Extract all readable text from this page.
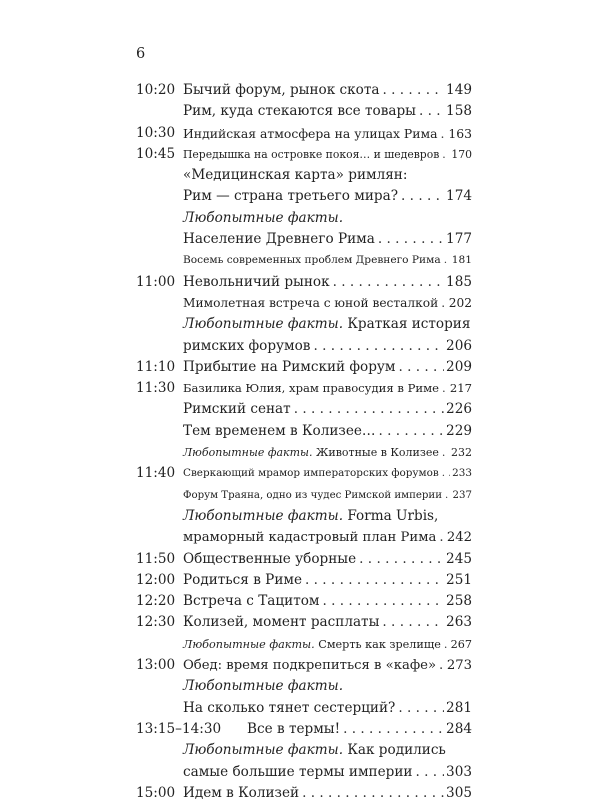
6
10:20 Бычий форум, рынок скота . . .	149
Рим, куда стекаются все товары . . . 158
10:30 Индийская атмосфера на улицах Рима . . . 163
10:45 Передышка на островке покоя… и шедевров . . . 170
«Медицинская карта» римлян:
Рим — страна третьего мира? . . .	174
Любопытные факты.
Население Древнего Рима . . .	177
Восемь современных проблем Древнего Рима . . . 181
11:00 Невольничий рынок . . .	185
Мимолетная встреча с юной весталкой . . . 202
Любопытные факты. Краткая история
римских форумов . . .	206
11:10 Прибытие на Римский форум . . .	209
11:30 Базилика Юлия, храм правосудия в Риме . . . 217
Римский сенат . . .	226
Тем временем в Колизее… . . .	229
Любопытные факты. Животные в Колизее . . . 232
11:40 Сверкающий мрамор императорских форумов . . . 233
Форум Траяна, одно из чудес Римской империи . . . 237
Любопытные факты. Forma Urbis,
мраморный кадастровый план Рима . . . 242
11:50 Общественные уборные . . .	245
12:00 Родиться в Риме . . .	251
12:20 Встреча с Тацитом . . .	258
12:30 Колизей, момент расплаты . . .	263
Любопытные факты. Смерть как зрелище . . . 267
13:00 Обед: время подкрепиться в «кафе» . . . 273
Любопытные факты.
На сколько тянет сестерций? . . .	281
13:15–14:30 Все в термы! . . .	284
Любопытные факты. Как родились
самые большие термы империи . . . 303
15:00 Идем в Колизей . . .	305
